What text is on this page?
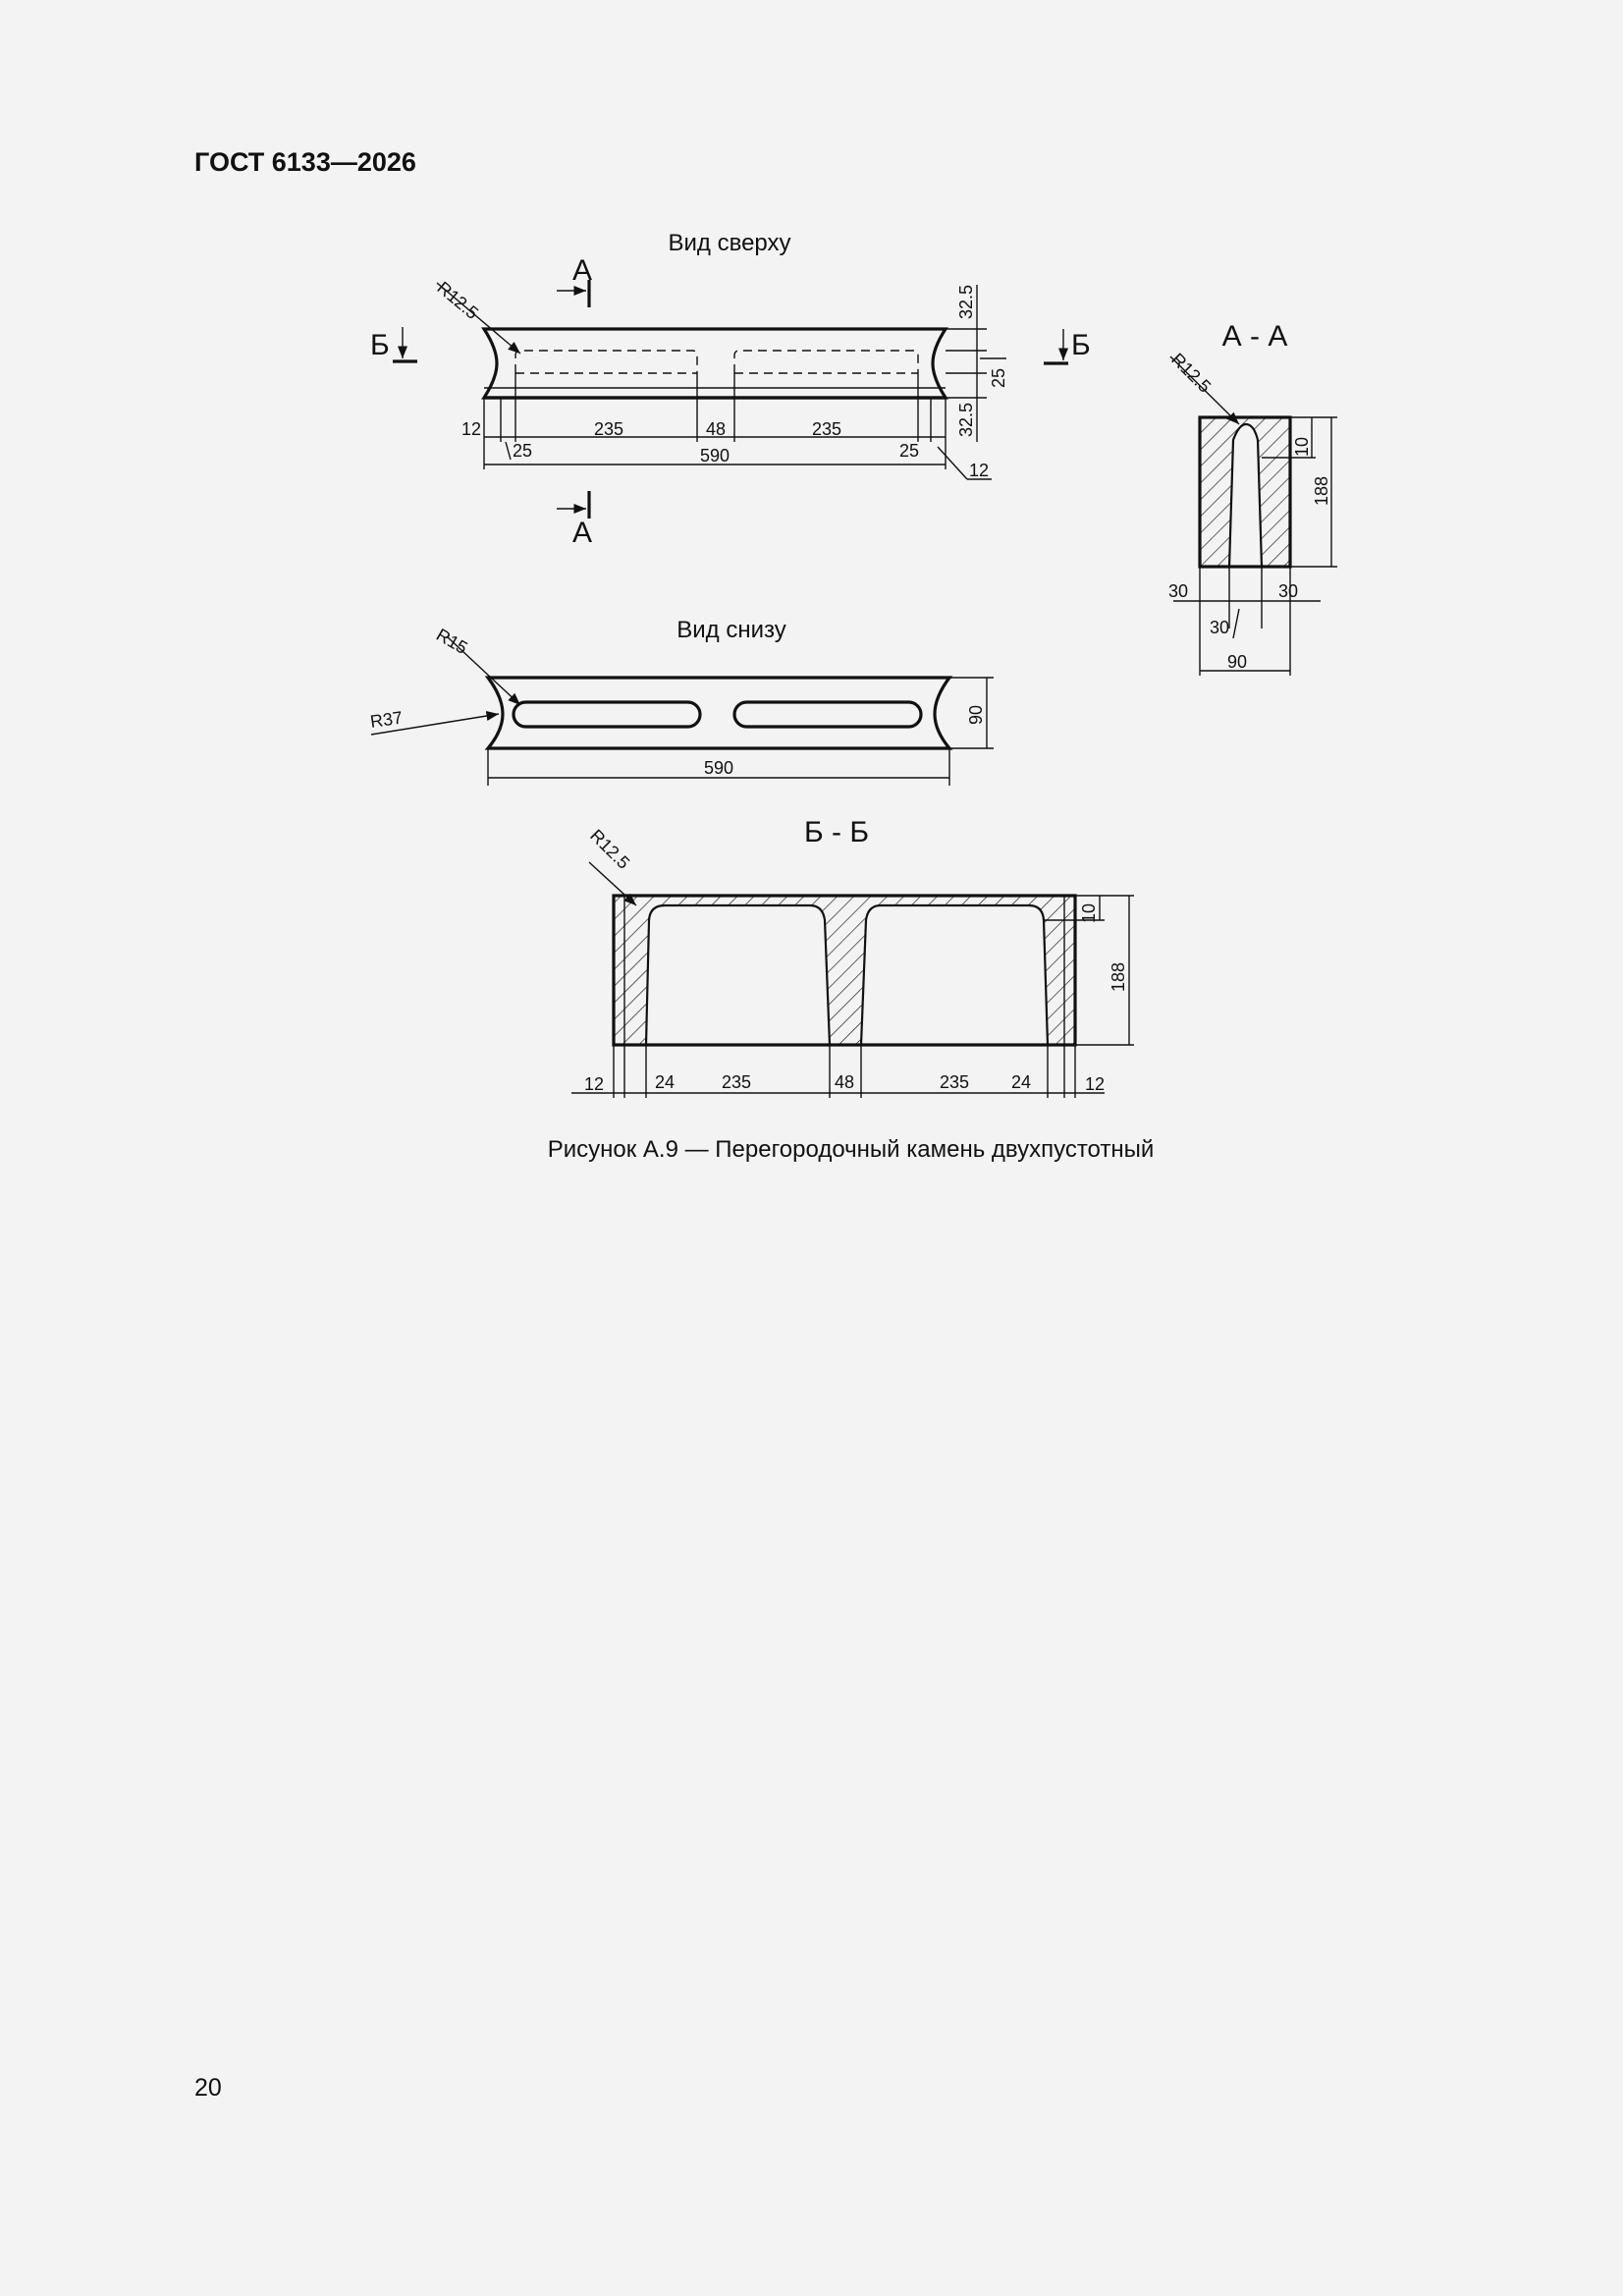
ГОСТ 6133—2026
Вид сверху
R12.5
А
А
Б	Б
12
25
235	48	235
25
590
12
32.5
25
32.5
А - А
R12.5
10
188
30	30
30
90
Вид снизу
R15
R37	90
590
Б - Б
R12.5
10
188
12	24	235	48	235 24	12
Рисунок А.9 — Перегородочный камень двухпустотный
20
